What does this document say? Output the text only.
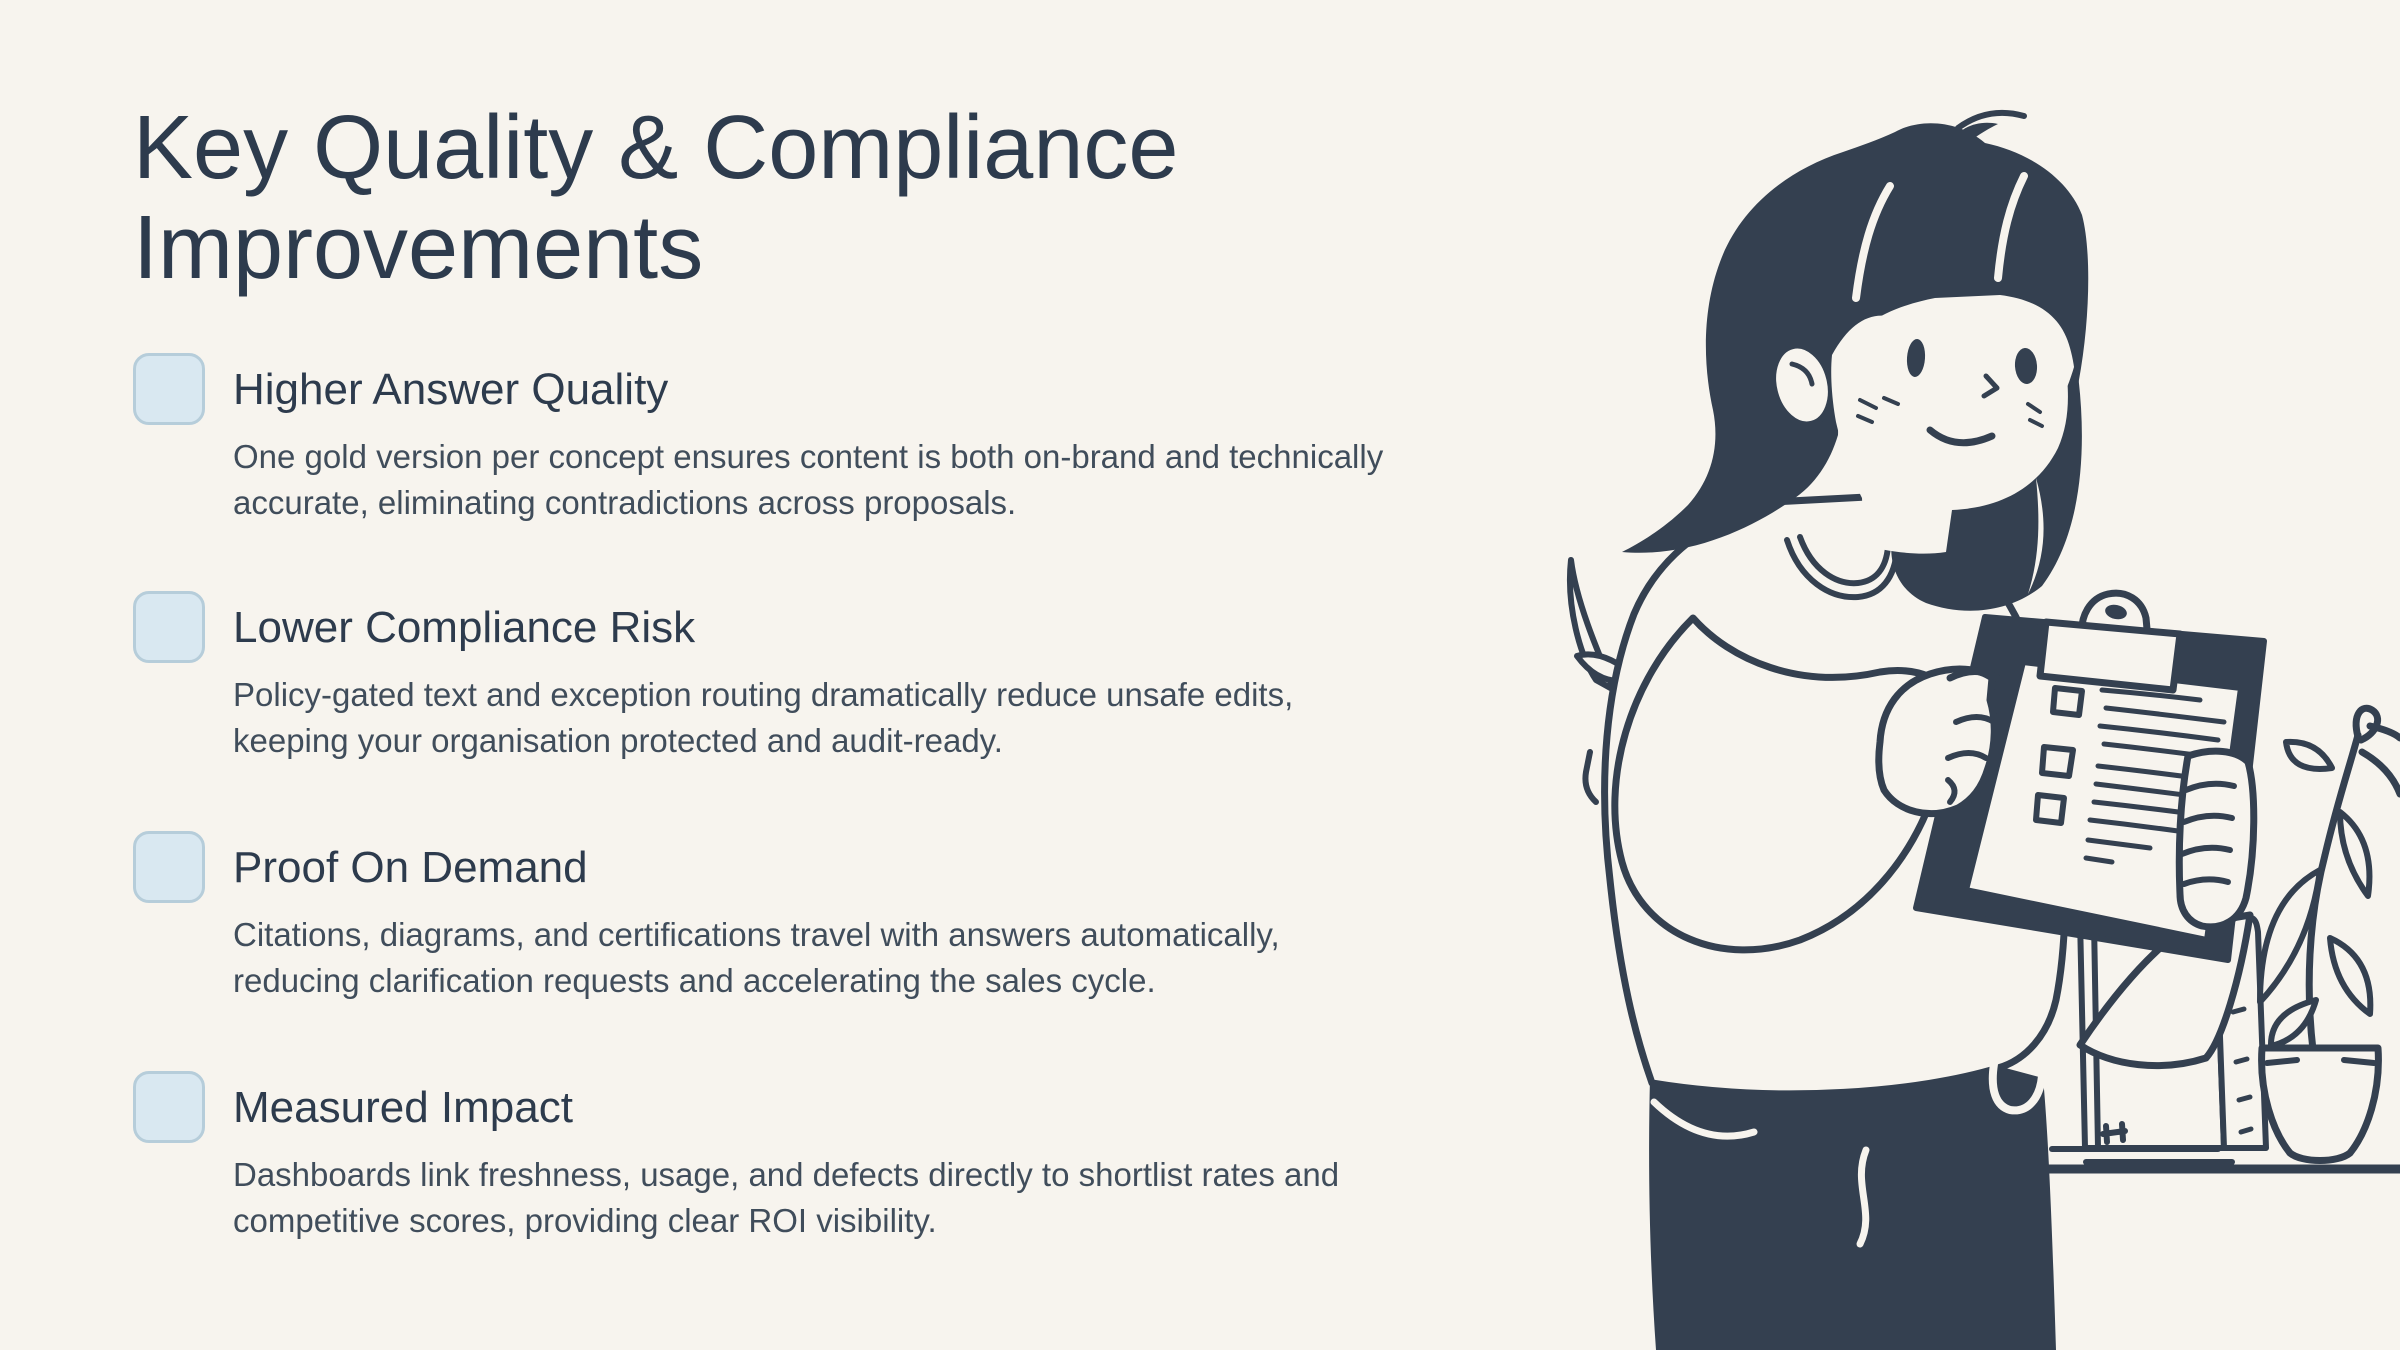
Key Quality & Compliance
Improvements
Higher Answer Quality
One gold version per concept ensures content is both on-brand and technically accurate, eliminating contradictions across proposals.
Lower Compliance Risk
Policy-gated text and exception routing dramatically reduce unsafe edits, keeping your organisation protected and audit-ready.
Proof On Demand
Citations, diagrams, and certifications travel with answers automatically, reducing clarification requests and accelerating the sales cycle.
Measured Impact
Dashboards link freshness, usage, and defects directly to shortlist rates and competitive scores, providing clear ROI visibility.
